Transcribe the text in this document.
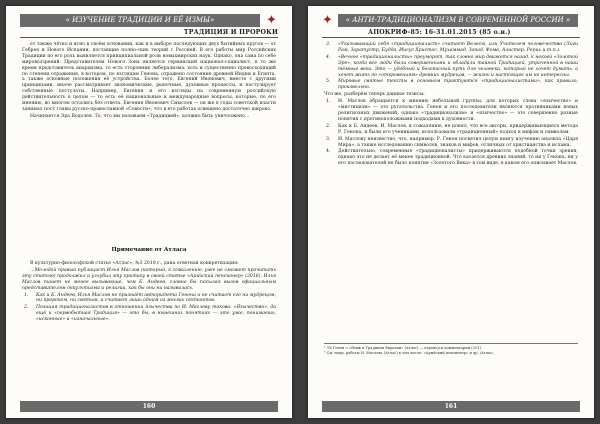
« ИЗУЧЕНИЕ ТРАДИЦИИ И ЕЁ ИЗМЫ»	✦
ТРАДИЦИЯ И ПРОРОКИ

ет также чётко и ясно в своём основании, как и в выборе последующих двух бытийных кругов — от Гебрея и Нового Испании, поставщие полно-ских теорий с Россией. В его работы мир Российских Традиции по его роль выявляется принципиальной роли новыхмирских наук. Однако, она сама по себе мировоззрений. Представителем Нового Зона является германский национал-социалист, в то же время представитель анархизма, то есть сторонник либерализма, хоть и существенно превосходящий по степени отражения, в котором, по взглядам Генона, отражено состояние древней Индии и Египта, а также основные положения её устройства. Более того, Евгений Ивонович, вместе с другими принципами, иначе рассматривает экономические, рыночные, духовные процессы, и постулирует собственные постулаты. Например, Евгения и его взгляды на современную российскую действительность в целом — то есть её национальные и международные вопросы, которые, по его мнению, во многом остались без ответа. Евгения Ивонович Смыслов — он же в годы советской власти занимал пост главы русско-православной «Совести», что в его работах освещено достаточно широко.

Начинается Эра Водолея. То, что мы называем «Традицией», должно быть уничтожено…

Примечание от Атласа

В культурно-философской статье «Атлас», №3 2010 г., дана ответная конкретизация:

…Молодой правый публицист Илья Маслов (который, к сожалению, уже не сможет прочитать эту статью) продолжил и углубил эту критику в своей статье «Арийский пенсионер» (2016). Илья Маслов пишет не менее вызывающе, чем Б. Андеев, словно бы посылая вызов официальным представителям оккультизма и религии, как бы они ни называлась.

1. Как и Б. Андеев, Илья Маслов не признаёт авторитета Генона и не считает его ни мудрецом, ни пророком, ни святым, а считает лишь одним из многих сектантов.
2. Позиция традиционалистов в отношении язычества по И. Маслову такова: «Язычество», да ещё и «первобытная Традиция» — это бы, в нынешних понятиях — это уже, понимаешь, «исконные» и «изначальные».
160
✦	« АНТИ-ТРАДИЦИОНАЛИЗМ В СОВРЕМЕННОЙ РОССИИ »
АПОКРИФ-85: 16-31.01.2015 (85 о.и.)
3. «Указывающий себя «традиционалист» считает Велесю, или Учителем человечества (Лиги Рам, Заратустр, Будда, Иисус Христос, Мухаммад, Запад, Фома, Алистер, Рерих и т.п.).
4. «Вечное «традиционалисты» преуморят, так словно мир движется назад, к некоей «Золотой Эре», когда все люди были совершенными и обладали тайной Традицией, утраченной в наши тёмные века. Это — удобный и безопасный путь для человека, который не хочет думать, а хочет жить по «откровениям» древних мудрецов, — жизнь и настоящее им не интересны.
5. Мировые святые тексты в основном трактуются «традиционалистами», как правило, произвольно.

Что же, разберём теперь данные тезисы:

1. И. Маслов обращается к мнению небольшой группы, для которых слова «язычество» и «мистицизм» — это ругательства. Генон и его последователи являются противниками новых религиозных движений, однако «традиционализм» и «язычество» — это совершенно разные понятия с противоположными подходами к духовности.
2. Как и Б. Андеев, И. Маслов, к сожалению, не понял, что все авторы, придерживающиеся метода Р. Генона, и были его учениками, использовали «традиционный» подход к мифам и символам.
3. И. Маслову неизвестно, что, например, Р. Генон посвятил целую книгу изучению анализа «Царя Мира», а также исследованию символов, знаков и мифов, отличных от христианства и ислама.
4. Действительно, современные «традиционалисты» придерживаются подобной точки зрения, однако это не делает её менее традиционной. Что касается древних знаний, то ни у Генона, ни у его последователей не было понятия «Золотого Века» в том виде, в каком его описывает Маслов.
¹ Ле Генон о «Язык и Традиции Евразии» (Атлас) — перевод и комментарии (201).
² См. напр. работы И. Маслова (Атлас) в том числе: «Арийский пенсионер» и др. /Атлас/
161
